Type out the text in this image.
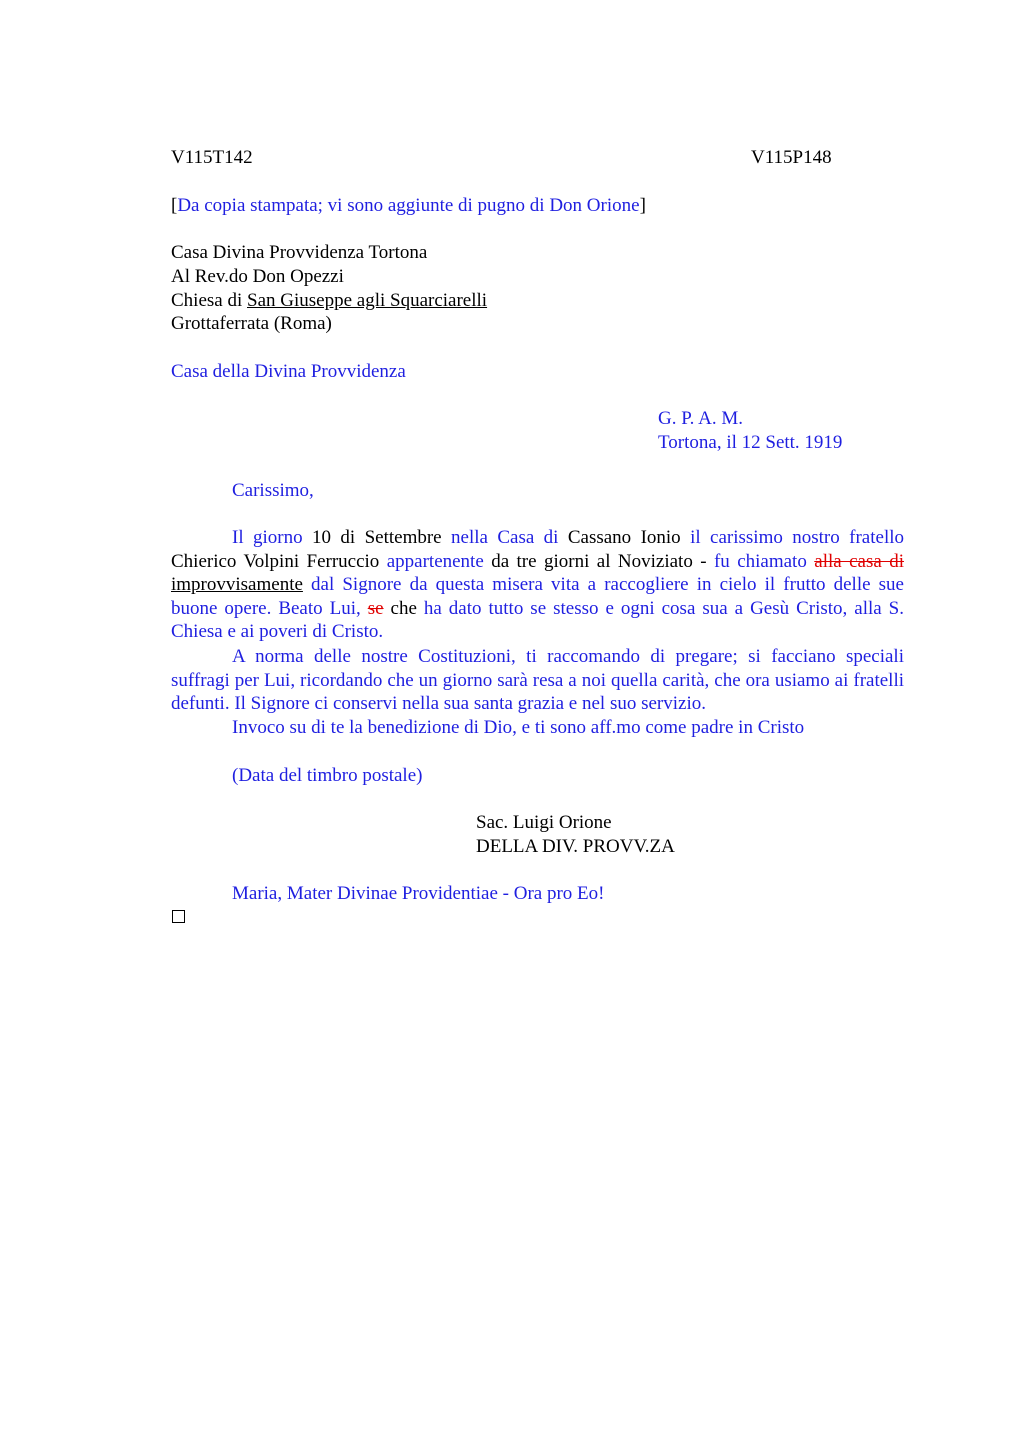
V115T142	V115P148
[Da copia stampata; vi sono aggiunte di pugno di Don Orione]
Casa Divina Provvidenza Tortona
Al Rev.do Don Opezzi
Chiesa di San Giuseppe agli Squarciarelli
Grottaferrata (Roma)
Casa della Divina Provvidenza
G. P. A. M.
Tortona, il 12 Sett. 1919
Carissimo,
Il giorno 10 di Settembre nella Casa di Cassano Ionio il carissimo nostro fratello Chierico Volpini Ferruccio appartenente da tre giorni al Noviziato - fu chiamato alla casa di improvvisamente dal Signore da questa misera vita a raccogliere in cielo il frutto delle sue buone opere. Beato Lui, se che ha dato tutto se stesso e ogni cosa sua a Gesù Cristo, alla S. Chiesa e ai poveri di Cristo.
A norma delle nostre Costituzioni, ti raccomando di pregare; si facciano speciali suffragi per Lui, ricordando che un giorno sarà resa a noi quella carità, che ora usiamo ai fratelli defunti. Il Signore ci conservi nella sua santa grazia e nel suo servizio.
Invoco su di te la benedizione di Dio, e ti sono aff.mo come padre in Cristo
(Data del timbro postale)
Sac. Luigi Orione
DELLA DIV. PROVV.ZA
Maria, Mater Divinae Providentiae - Ora pro Eo!
